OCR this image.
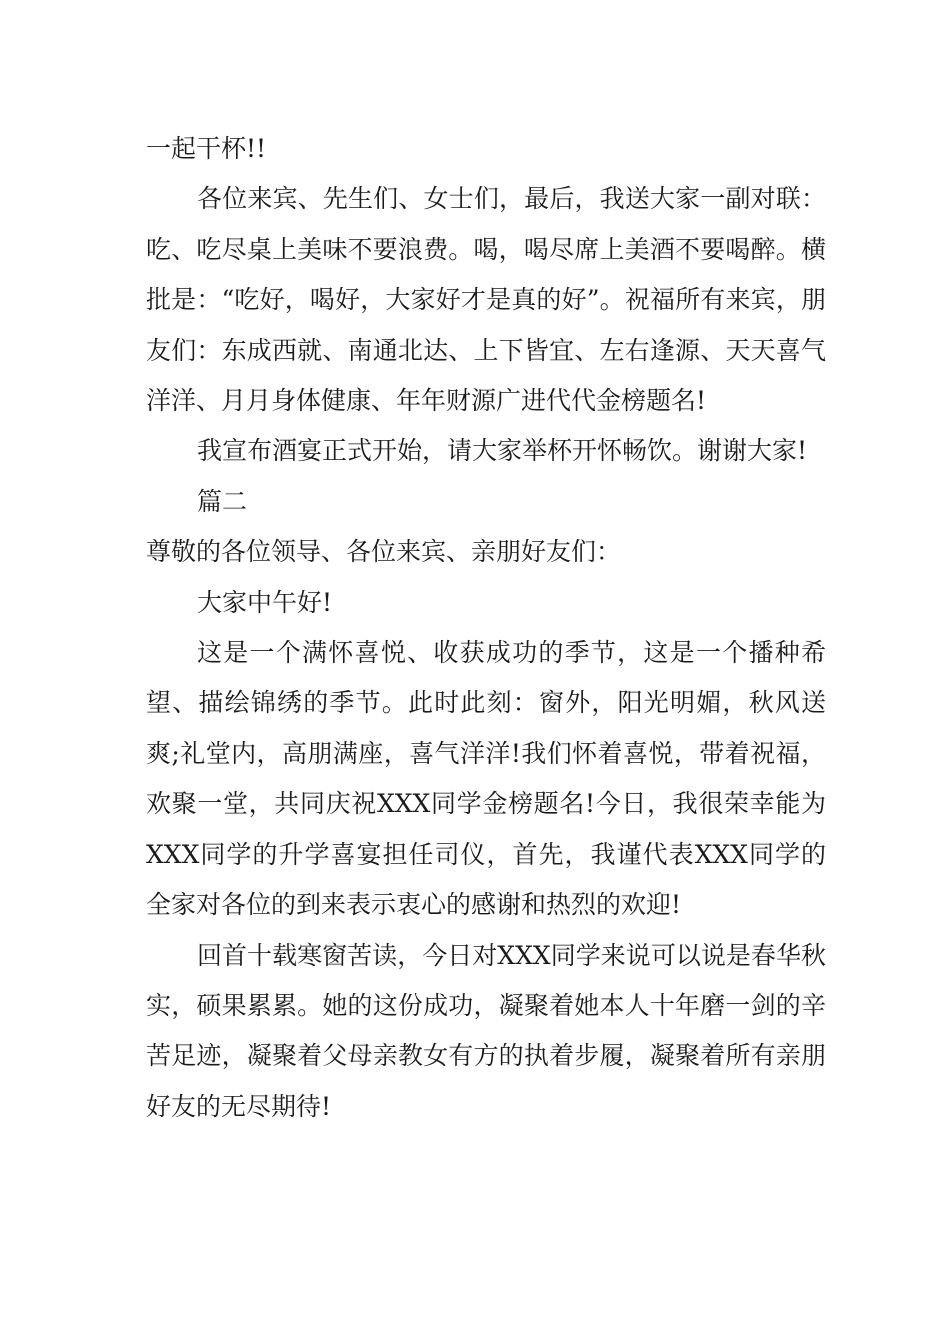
一起干杯!!

各位来宾、先生们、女士们，最后，我送大家一副对联：吃、吃尽桌上美味不要浪费。喝，喝尽席上美酒不要喝醉。横批是：“吃好，喝好，大家好才是真的好”。祝福所有来宾，朋友们：东成西就、南通北达、上下皆宜、左右逢源、天天喜气洋洋、月月身体健康、年年财源广进代代金榜题名!

我宣布酒宴正式开始，请大家举杯开怀畅饮。谢谢大家!

篇二

尊敬的各位领导、各位来宾、亲朋好友们：

大家中午好!

这是一个满怀喜悦、收获成功的季节，这是一个播种希望、描绘锦绣的季节。此时此刻：窗外，阳光明媚，秋风送爽;礼堂内，高朋满座，喜气洋洋!我们怀着喜悦，带着祝福，欢聚一堂，共同庆祝XXX同学金榜题名!今日，我很荣幸能为XXX同学的升学喜宴担任司仪，首先，我谨代表XXX同学的全家对各位的到来表示衷心的感谢和热烈的欢迎!

回首十载寒窗苦读，今日对XXX同学来说可以说是春华秋实，硕果累累。她的这份成功，凝聚着她本人十年磨一剑的辛苦足迹，凝聚着父母亲教女有方的执着步履，凝聚着所有亲朋好友的无尽期待!
